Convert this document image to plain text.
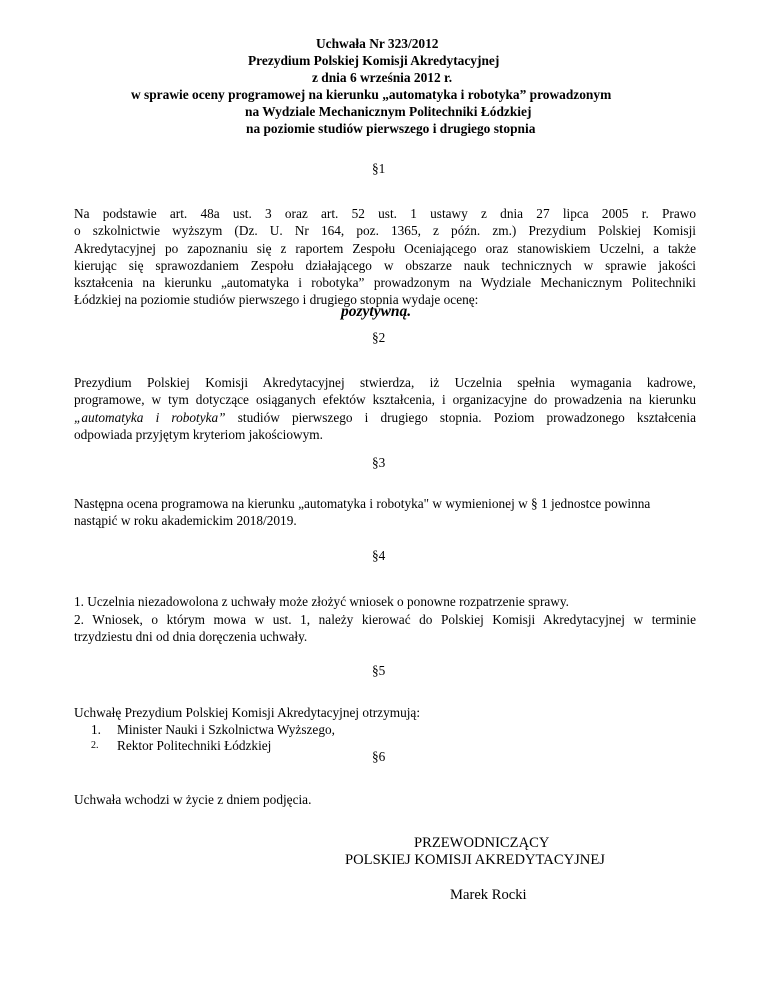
Uchwała Nr 323/2012
Prezydium Polskiej Komisji Akredytacyjnej
z dnia 6 września 2012 r.
w sprawie oceny programowej na kierunku „automatyka i robotyka” prowadzonym
na Wydziale Mechanicznym Politechniki Łódzkiej
na poziomie studiów pierwszego i drugiego stopnia
§1
Na podstawie art. 48a ust. 3 oraz art. 52 ust. 1 ustawy z dnia 27 lipca 2005 r. Prawo
o szkolnictwie wyższym (Dz. U. Nr 164, poz. 1365, z późn. zm.) Prezydium Polskiej Komisji
Akredytacyjnej po zapoznaniu się z raportem Zespołu Oceniającego oraz stanowiskiem Uczelni, a także
kierując się sprawozdaniem Zespołu działającego w obszarze nauk technicznych w sprawie jakości
kształcenia na kierunku „automatyka i robotyka” prowadzonym na Wydziale Mechanicznym Politechniki
Łódzkiej na poziomie studiów pierwszego i drugiego stopnia wydaje ocenę:
pozytywną.
§2
Prezydium Polskiej Komisji Akredytacyjnej stwierdza, iż Uczelnia spełnia wymagania kadrowe,
programowe, w tym dotyczące osiąganych efektów kształcenia, i organizacyjne do prowadzenia na kierunku
„automatyka i robotyka” studiów pierwszego i drugiego stopnia. Poziom prowadzonego kształcenia
odpowiada przyjętym kryteriom jakościowym.
§3
Następna ocena programowa na kierunku „automatyka i robotyka" w wymienionej w § 1 jednostce powinna
nastąpić w roku akademickim 2018/2019.
§4
1. Uczelnia niezadowolona z uchwały może złożyć wniosek o ponowne rozpatrzenie sprawy.
2. Wniosek, o którym mowa w ust. 1, należy kierować do Polskiej Komisji Akredytacyjnej w terminie
trzydziestu dni od dnia doręczenia uchwały.
§5
Uchwałę Prezydium Polskiej Komisji Akredytacyjnej otrzymują:
1. Minister Nauki i Szkolnictwa Wyższego,
2. Rektor Politechniki Łódzkiej
§6
Uchwała wchodzi w życie z dniem podjęcia.
PRZEWODNICZĄCY
POLSKIEJ KOMISJI AKREDYTACYJNEJ
Marek Rocki
